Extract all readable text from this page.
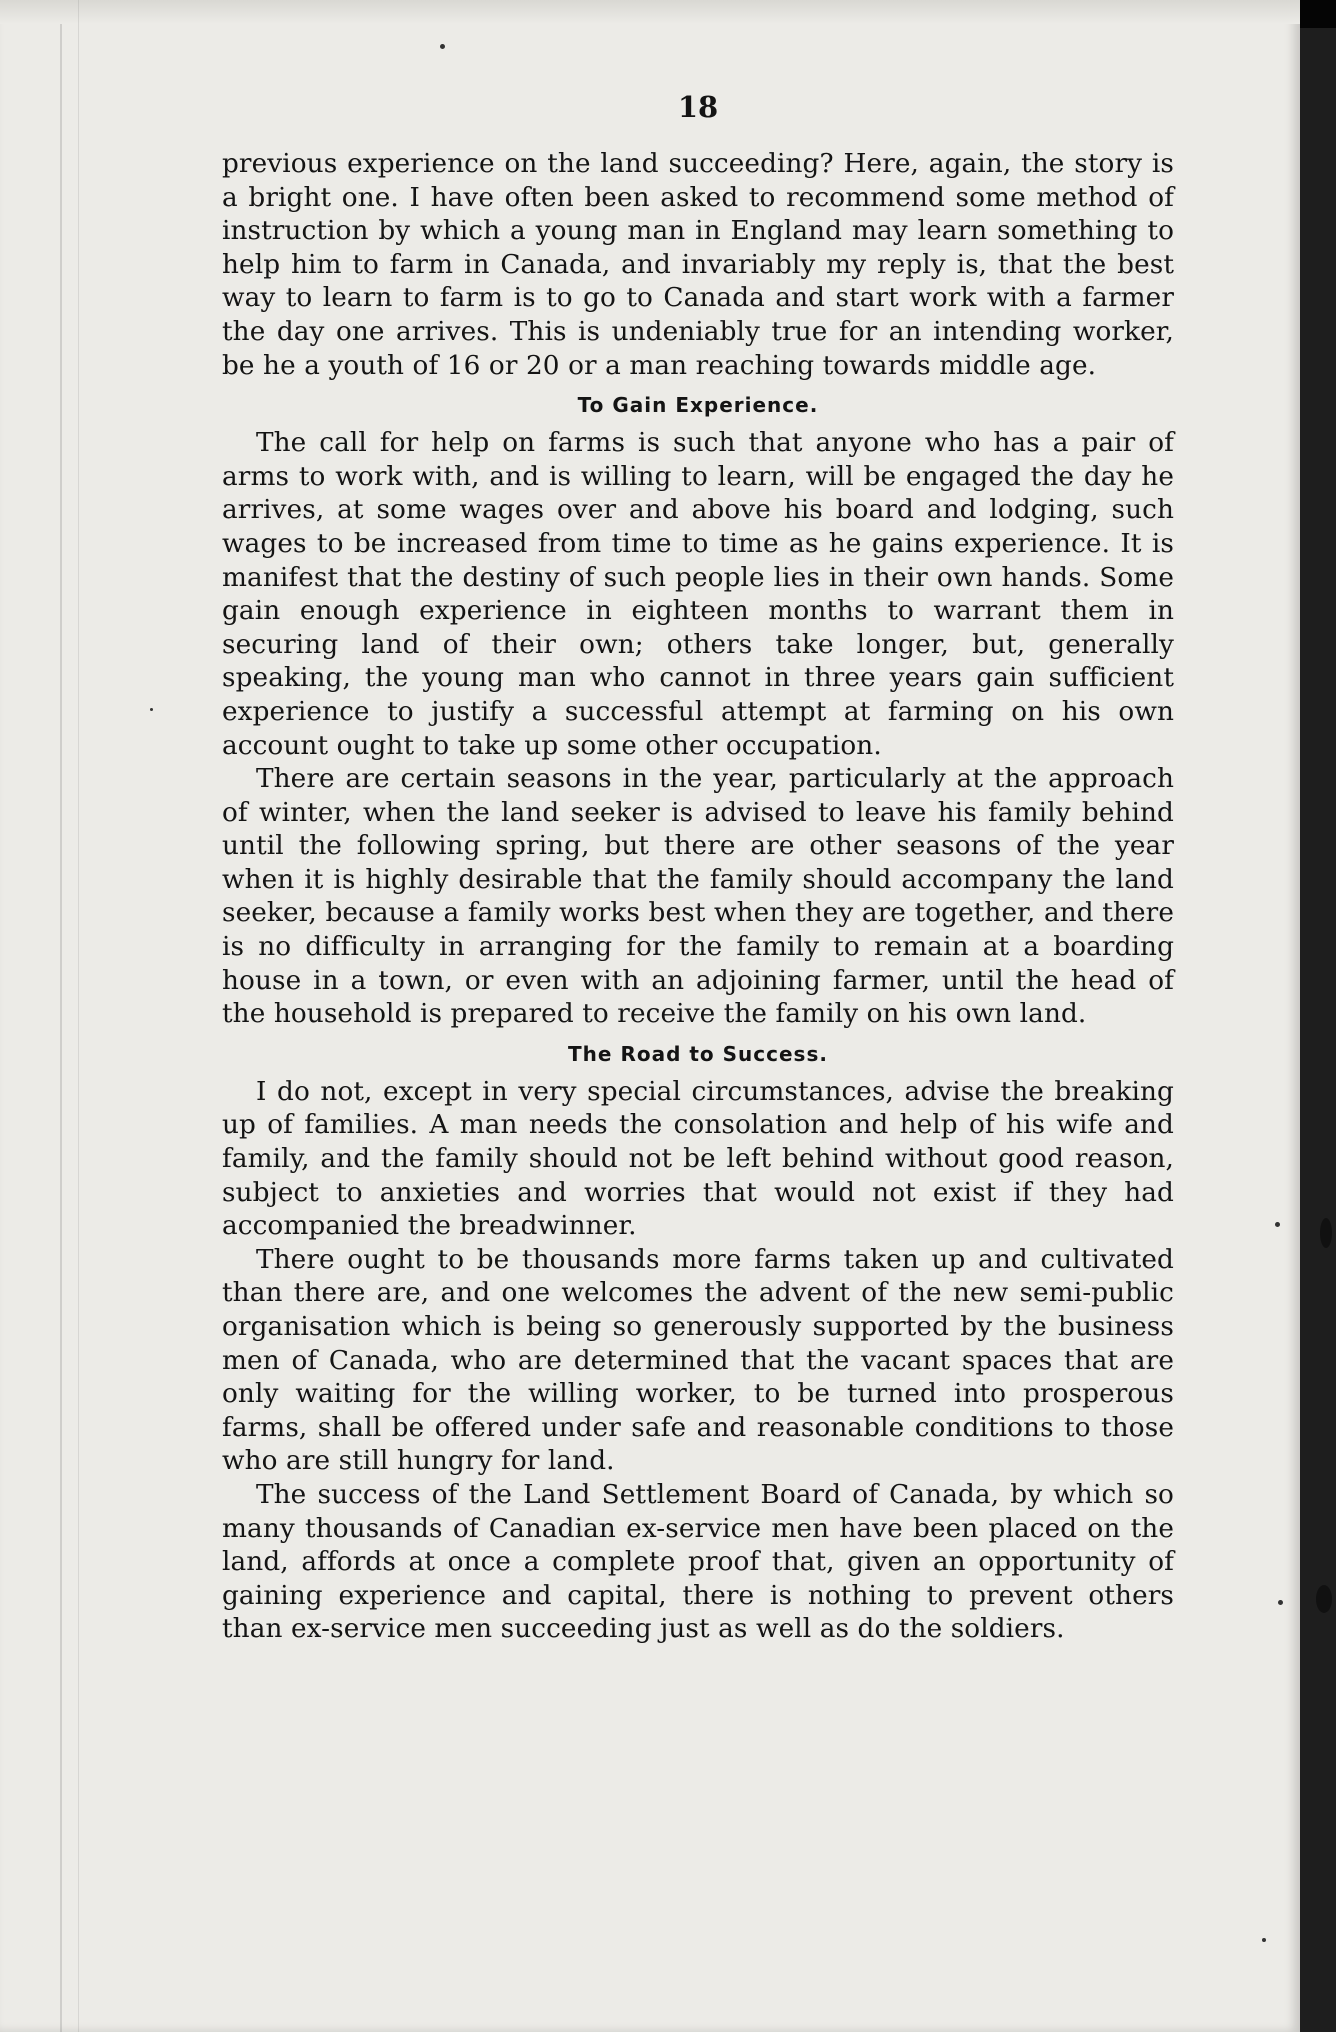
18

previous experience on the land succeeding? Here, again, the story is a bright one. I have often been asked to recommend some method of instruction by which a young man in England may learn something to help him to farm in Canada, and invariably my reply is, that the best way to learn to farm is to go to Canada and start work with a farmer the day one arrives. This is undeniably true for an intending worker, be he a youth of 16 or 20 or a man reaching towards middle age.

To Gain Experience.

The call for help on farms is such that anyone who has a pair of arms to work with, and is willing to learn, will be engaged the day he arrives, at some wages over and above his board and lodging, such wages to be increased from time to time as he gains experience. It is manifest that the destiny of such people lies in their own hands. Some gain enough experience in eighteen months to warrant them in securing land of their own; others take longer, but, generally speaking, the young man who cannot in three years gain sufficient experience to justify a successful attempt at farming on his own account ought to take up some other occupation.

There are certain seasons in the year, particularly at the approach of winter, when the land seeker is advised to leave his family behind until the following spring, but there are other seasons of the year when it is highly desirable that the family should accompany the land seeker, because a family works best when they are together, and there is no difficulty in arranging for the family to remain at a boarding house in a town, or even with an adjoining farmer, until the head of the household is prepared to receive the family on his own land.

The Road to Success.

I do not, except in very special circumstances, advise the breaking up of families. A man needs the consolation and help of his wife and family, and the family should not be left behind without good reason, subject to anxieties and worries that would not exist if they had accompanied the breadwinner.

There ought to be thousands more farms taken up and cultivated than there are, and one welcomes the advent of the new semi-public organisation which is being so generously supported by the business men of Canada, who are determined that the vacant spaces that are only waiting for the willing worker, to be turned into prosperous farms, shall be offered under safe and reasonable conditions to those who are still hungry for land.

The success of the Land Settlement Board of Canada, by which so many thousands of Canadian ex-service men have been placed on the land, affords at once a complete proof that, given an opportunity of gaining experience and capital, there is nothing to prevent others than ex-service men succeeding just as well as do the soldiers.
